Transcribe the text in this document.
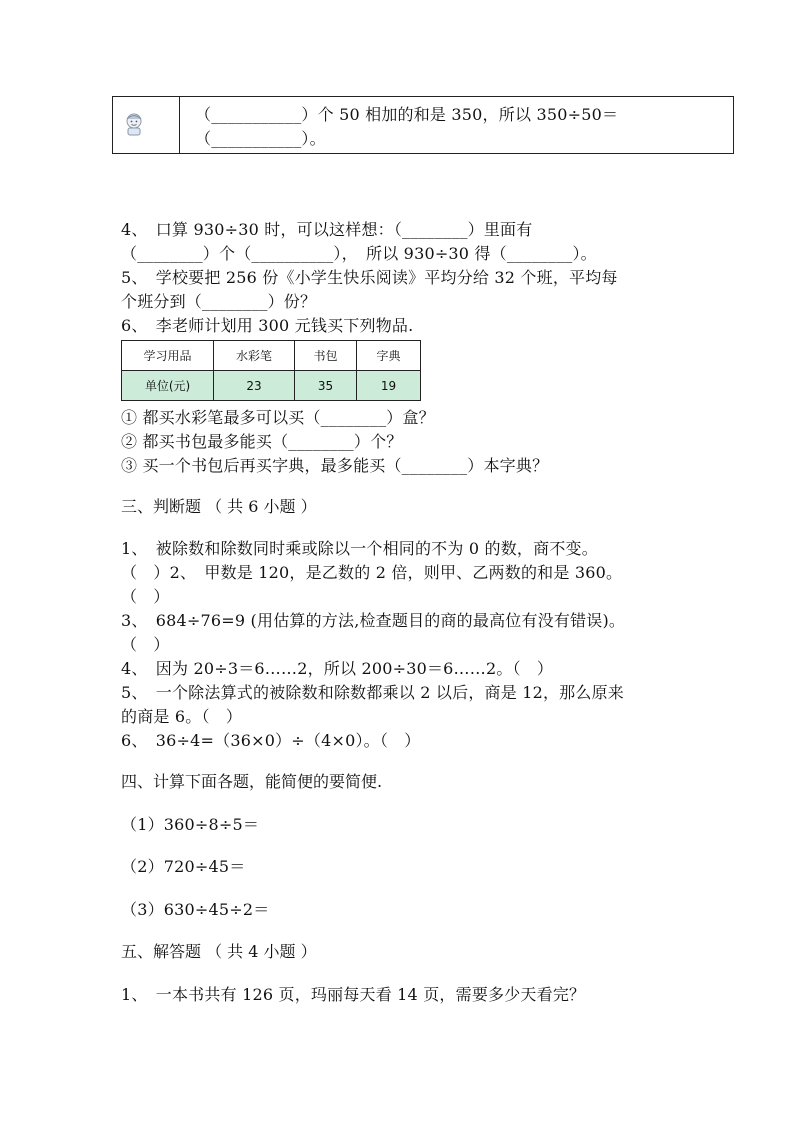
（___________）个 50 相加的和是 350，所以 350÷50＝
（___________）。
4、　口算 930÷30 时，可以这样想：（________）里面有
（________）个（__________），　所以 930÷30 得（________）。
5、　学校要把 256 份《小学生快乐阅读》平均分给 32 个班，平均每
个班分到（________）份？
6、　李老师计划用 300 元钱买下列物品.
学习用品	水彩笔	书包	字典
单位(元)	23	35	19
① 都买水彩笔最多可以买（________）盒？
② 都买书包最多能买（________）个？
③ 买一个书包后再买字典，最多能买（________）本字典？
三、判断题 （ 共 6 小题 ）
1、　被除数和除数同时乘或除以一个相同的不为 0 的数，商不变。
（　）2、　甲数是 120，是乙数的 2 倍，则甲、乙两数的和是 360。
（　）
3、　684÷76=9 (用估算的方法,检查题目的商的最高位有没有错误)。
（　）
4、　因为 20÷3＝6……2，所以 200÷30＝6……2。（　）
5、　一个除法算式的被除数和除数都乘以 2 以后，商是 12，那么原来
的商是 6。（　）
6、　36÷4=（36×0）÷（4×0）。（　）
四、计算下面各题，能简便的要简便.
（1）360÷8÷5＝
（2）720÷45＝
（3）630÷45÷2＝
五、解答题 （ 共 4 小题 ）
1、　一本书共有 126 页，玛丽每天看 14 页，需要多少天看完？
